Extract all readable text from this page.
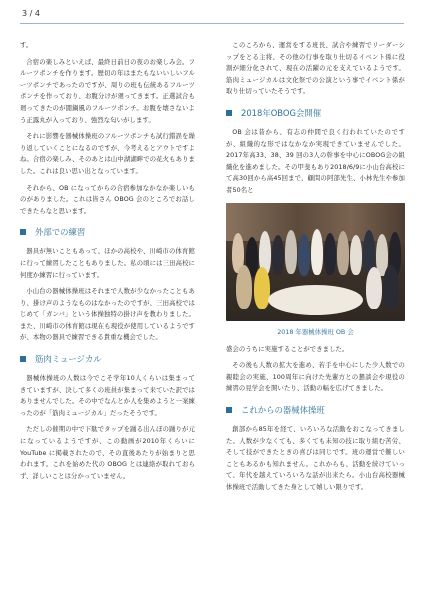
3 / 4

す。

合宿の楽しみといえば、最終日前日の夜のお楽しみ会。フルーツポンチを作ります。歴切の年はまたもないいしいフルーツポンチであったのですが、周りの班も伝統あるフルーツポンチを作っており、お腹分けが廻ってきます。正選試合も廻ってきたのが闇鍋風のフルーツポンチ。お腹を壊さないよう正露丸が入っており、強烈な匂いがします。

それに影響を器械体操班のフルーツポンチも試行錯誤を繰り返していくことになるのですが、今考えるとアウトですよね。合宿の楽しみ、そのあとは山中湖湖畔での花火もありました。これは良い思い出となっています。

それから、OB になってからの合宿参加なかなか楽しいものがありました。これは皆さん OBOG 会のところでお話しできたらなと思います。

外部での練習

器具が無いこともあって、ほかの高校や、川崎市の体育館に行って練習したこともありました。私の頃には三田高校に何度か練習に行っています。

小山台の器械体操班はそれまで人数が少なかったこともあり、掛け声のようなものはなかったのですが、三田高校ではじめて「ガンバ」という体操独特の掛け声を教わりました。また、川崎市の体育館は現在も現役が使用しているようですが、本物の器具で練習できる貴重な機会でした。

筋肉ミュージカル

器械体操班の人数は今でこそ学年10人くらいは集まってきていますが、決して多くの班員が集まって来ていた訳ではありませんでした。その中でなんとか人を集めようと一案練ったのが「筋肉ミュージカル」だったそうです。

ただしの催期の中で下駄でタップを踊る出んぼの踊りが元になっているようですが、この動画が2010年くらいに YouTube に掲載されたので、その直後あたりが始まりと思われます。これを始めた代の OBOG とは連絡が取れておらず、詳しいことは分かっていません。

このころから、運営をする班長、試合や練習でリーダーシップをとる主将、その他の行事を取り仕切るイベント係に役割が細分化されて、現在の活躍の元を支えているようです。筋肉ミュージカルは文化祭での公演という事でイベント係が取り仕切っていたそうです。

2018年OBOG会開催

OB 会は昔から、有志の仲間で良く行われていたのですが、組織的な形ではなかなか実現できていませんでした。2017年高33、38、39 回の3人の幹事を中心にOBOG会の組織化を進めました。その甲斐もあり2018/6/9に小山台高校にて高30回から高45回まで、顧問の阿部先生、小林先生や参加者50名と

2018 年器械体操班 OB 会

盛会のうちに実施することができました。

その後も人数の拡大を進め、若手を中心にした少人数での親睦会の実施、100周年に向けた先輩方との懇談会や現役の練習の見学会を開いたり、活動の幅を広げてきました。

これからの器械体操班

創部から85年を経て、いろいろな活動をおこなってきました。人数が少なくても、多くても未知の技に取り組む苦労、そして技ができたときの喜びは同じです。班の運営で難しいこともあるかも知れません。これからも、活動を続けていって、年代を越えていろいろな話が出来たら。小山台高校器械体操班で活動してきた身として嬉しい限りです。
